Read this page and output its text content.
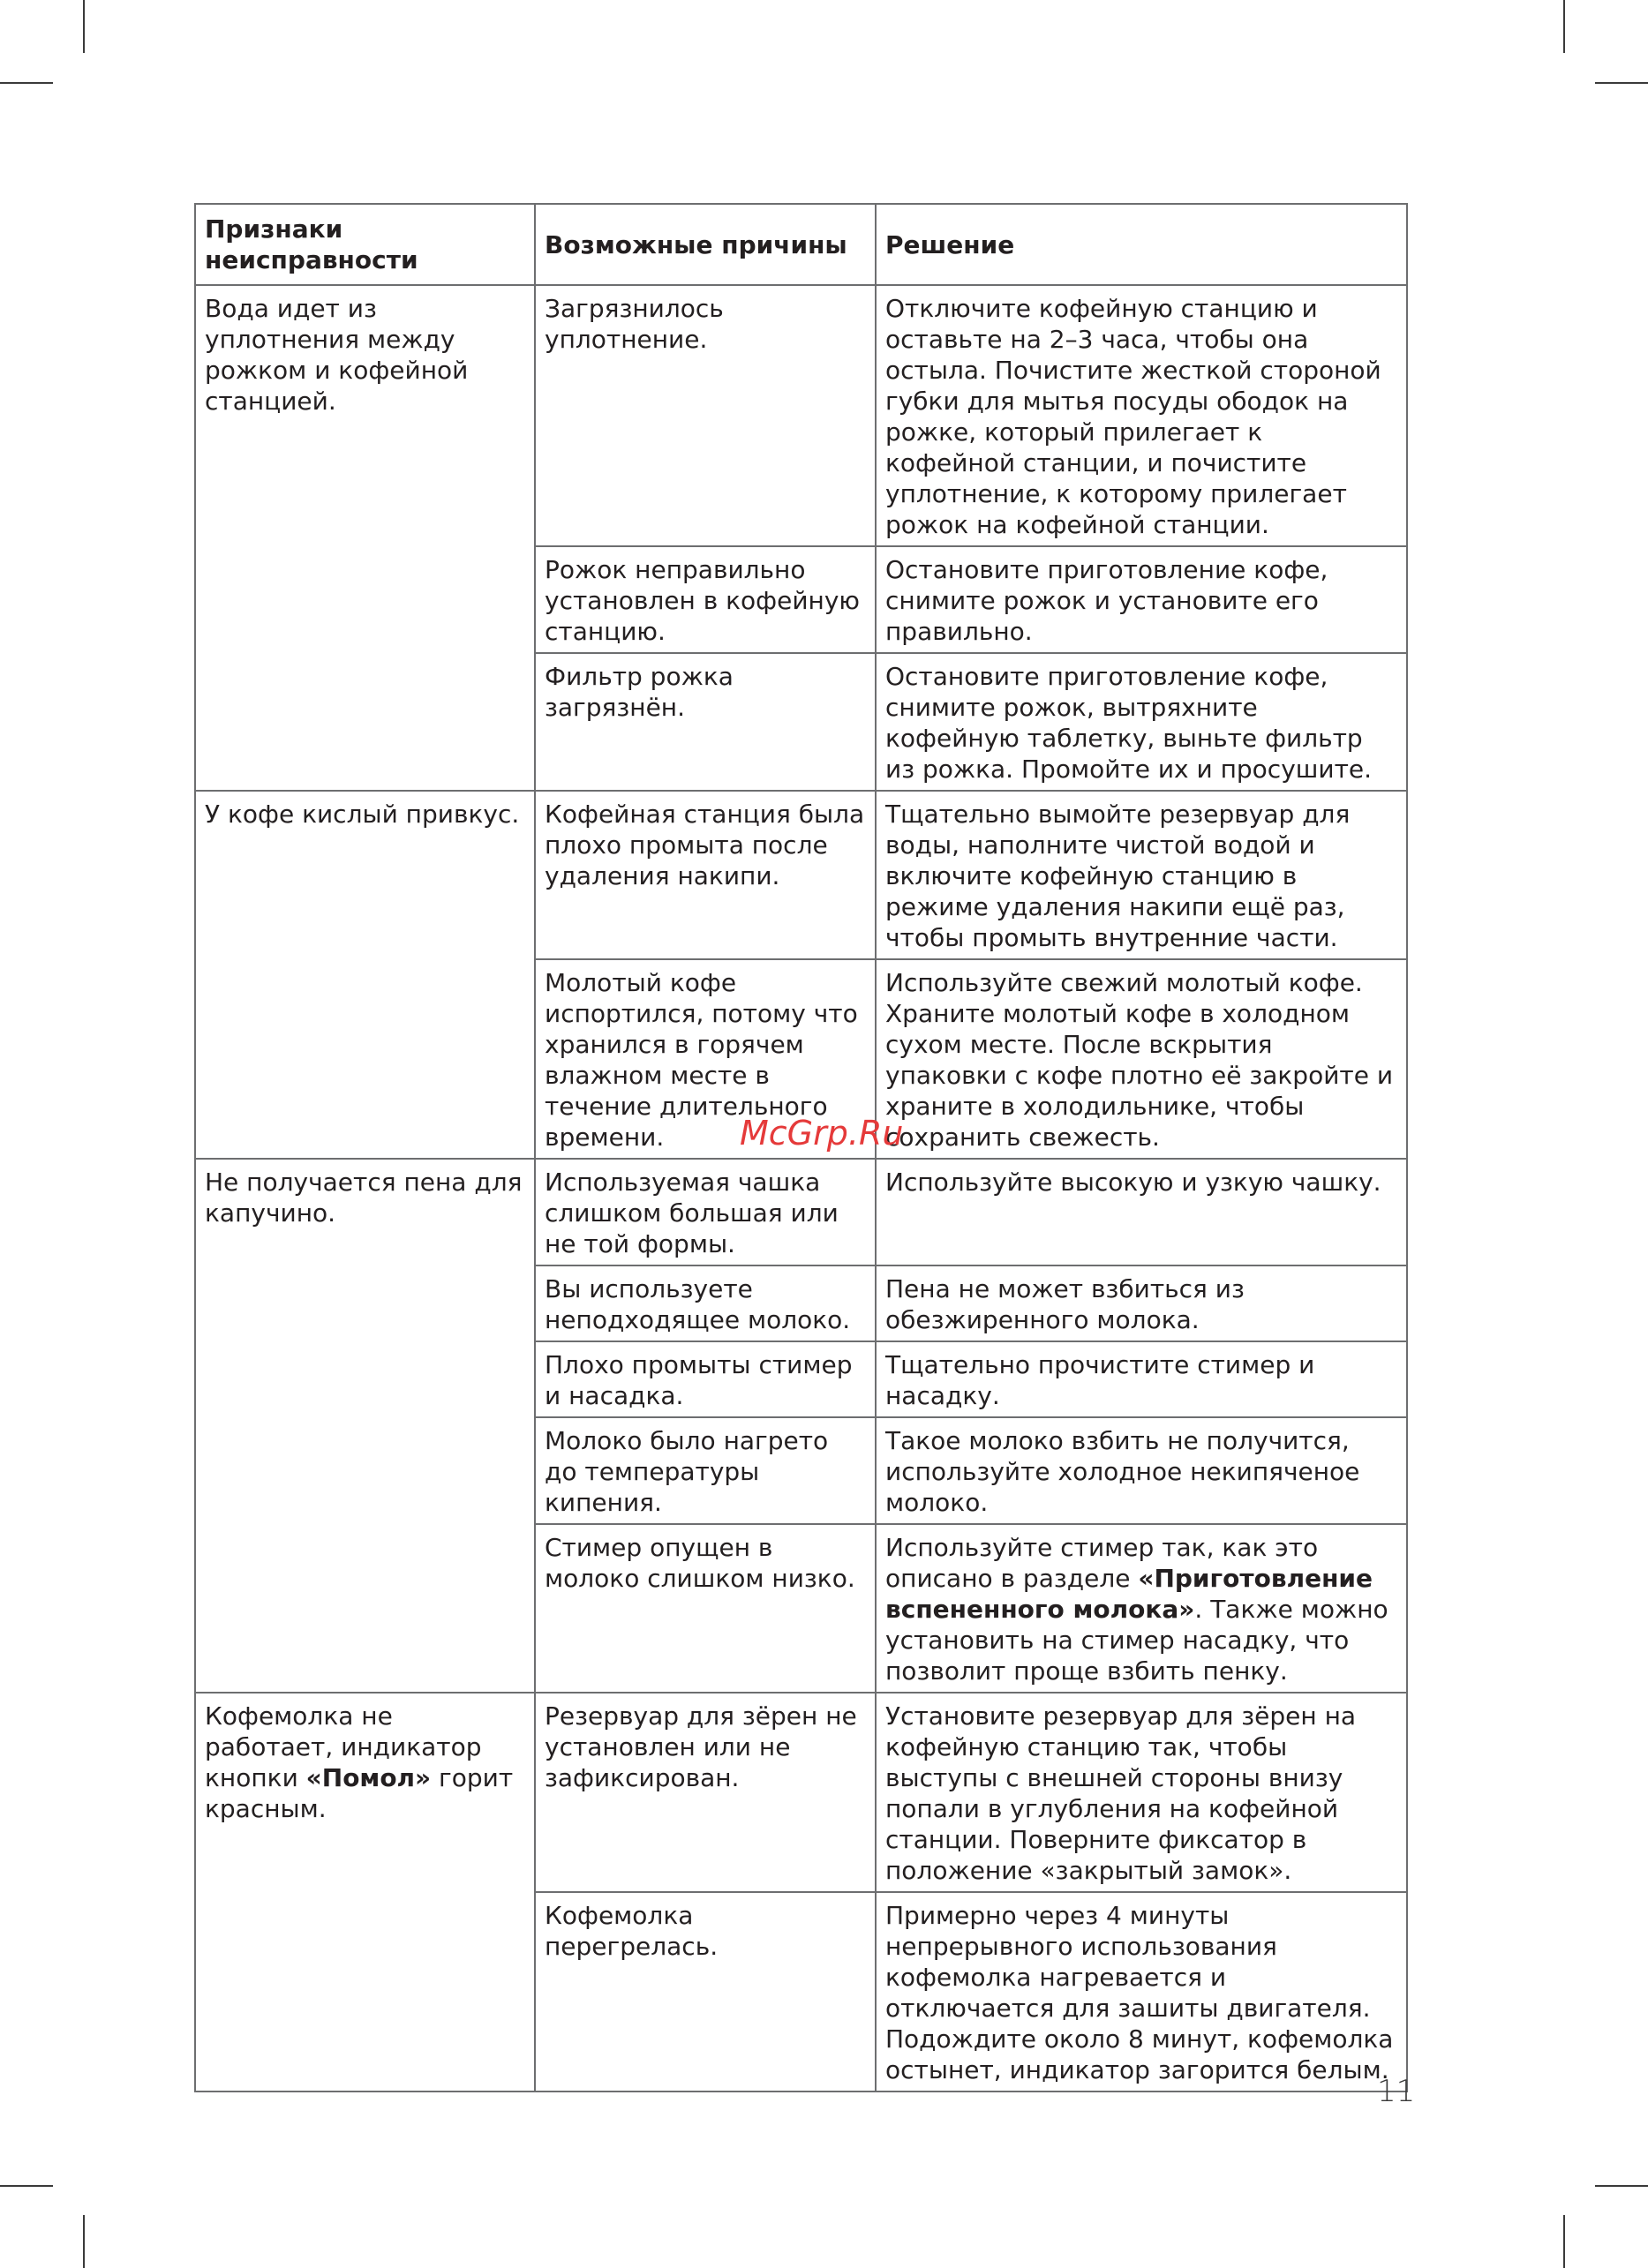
Признаки неисправности	Возможные причины	Решение
Вода идет из уплотнения между рожком и кофейной станцией.	Загрязнилось уплотнение.	Отключите кофейную станцию и оставьте на 2–3 часа, чтобы она остыла. Почистите жесткой стороной губки для мытья посуды ободок на рожке, который прилегает к кофейной станции, и почистите уплотнение, к которому прилегает рожок на кофейной станции.
	Рожок неправильно установлен в кофейную станцию.	Остановите приготовление кофе, снимите рожок и установите его правильно.
	Фильтр рожка загрязнён.	Остановите приготовление кофе, снимите рожок, вытряхните кофейную таблетку, выньте фильтр из рожка. Промойте их и просушите.
У кофе кислый привкус.	Кофейная станция была плохо промыта после удаления накипи.	Тщательно вымойте резервуар для воды, наполните чистой водой и включите кофейную станцию в режиме удаления накипи ещё раз, чтобы промыть внутренние части.
	Молотый кофе испортился, потому что хранился в горячем влажном месте в течение длительного времени.	Используйте свежий молотый кофе. Храните молотый кофе в холодном сухом месте. После вскрытия упаковки с кофе плотно её закройте и храните в холодильнике, чтобы сохранить свежесть.
Не получается пена для капучино.	Используемая чашка слишком большая или не той формы.	Используйте высокую и узкую чашку.
	Вы используете неподходящее молоко.	Пена не может взбиться из обезжиренного молока.
	Плохо промыты стимер и насадка.	Тщательно прочистите стимер и насадку.
	Молоко было нагрето до температуры кипения.	Такое молоко взбить не получится, используйте холодное некипяченое молоко.
	Стимер опущен в молоко слишком низко.	Используйте стимер так, как это описано в разделе «Приготовление вспененного молока». Также можно установить на стимер насадку, что позволит проще взбить пенку.
Кофемолка не работает, индикатор кнопки «Помол» горит красным.	Резервуар для зёрен не установлен или не зафиксирован.	Установите резервуар для зёрен на кофейную станцию так, чтобы выступы с внешней стороны внизу попали в углубления на кофейной станции. Поверните фиксатор в положение «закрытый замок».
	Кофемолка перегрелась.	Примерно через 4 минуты непрерывного использования кофемолка нагревается и отключается для зашиты двигателя. Подождите около 8 минут, кофемолка остынет, индикатор загорится белым.
McGrp.Ru
11
